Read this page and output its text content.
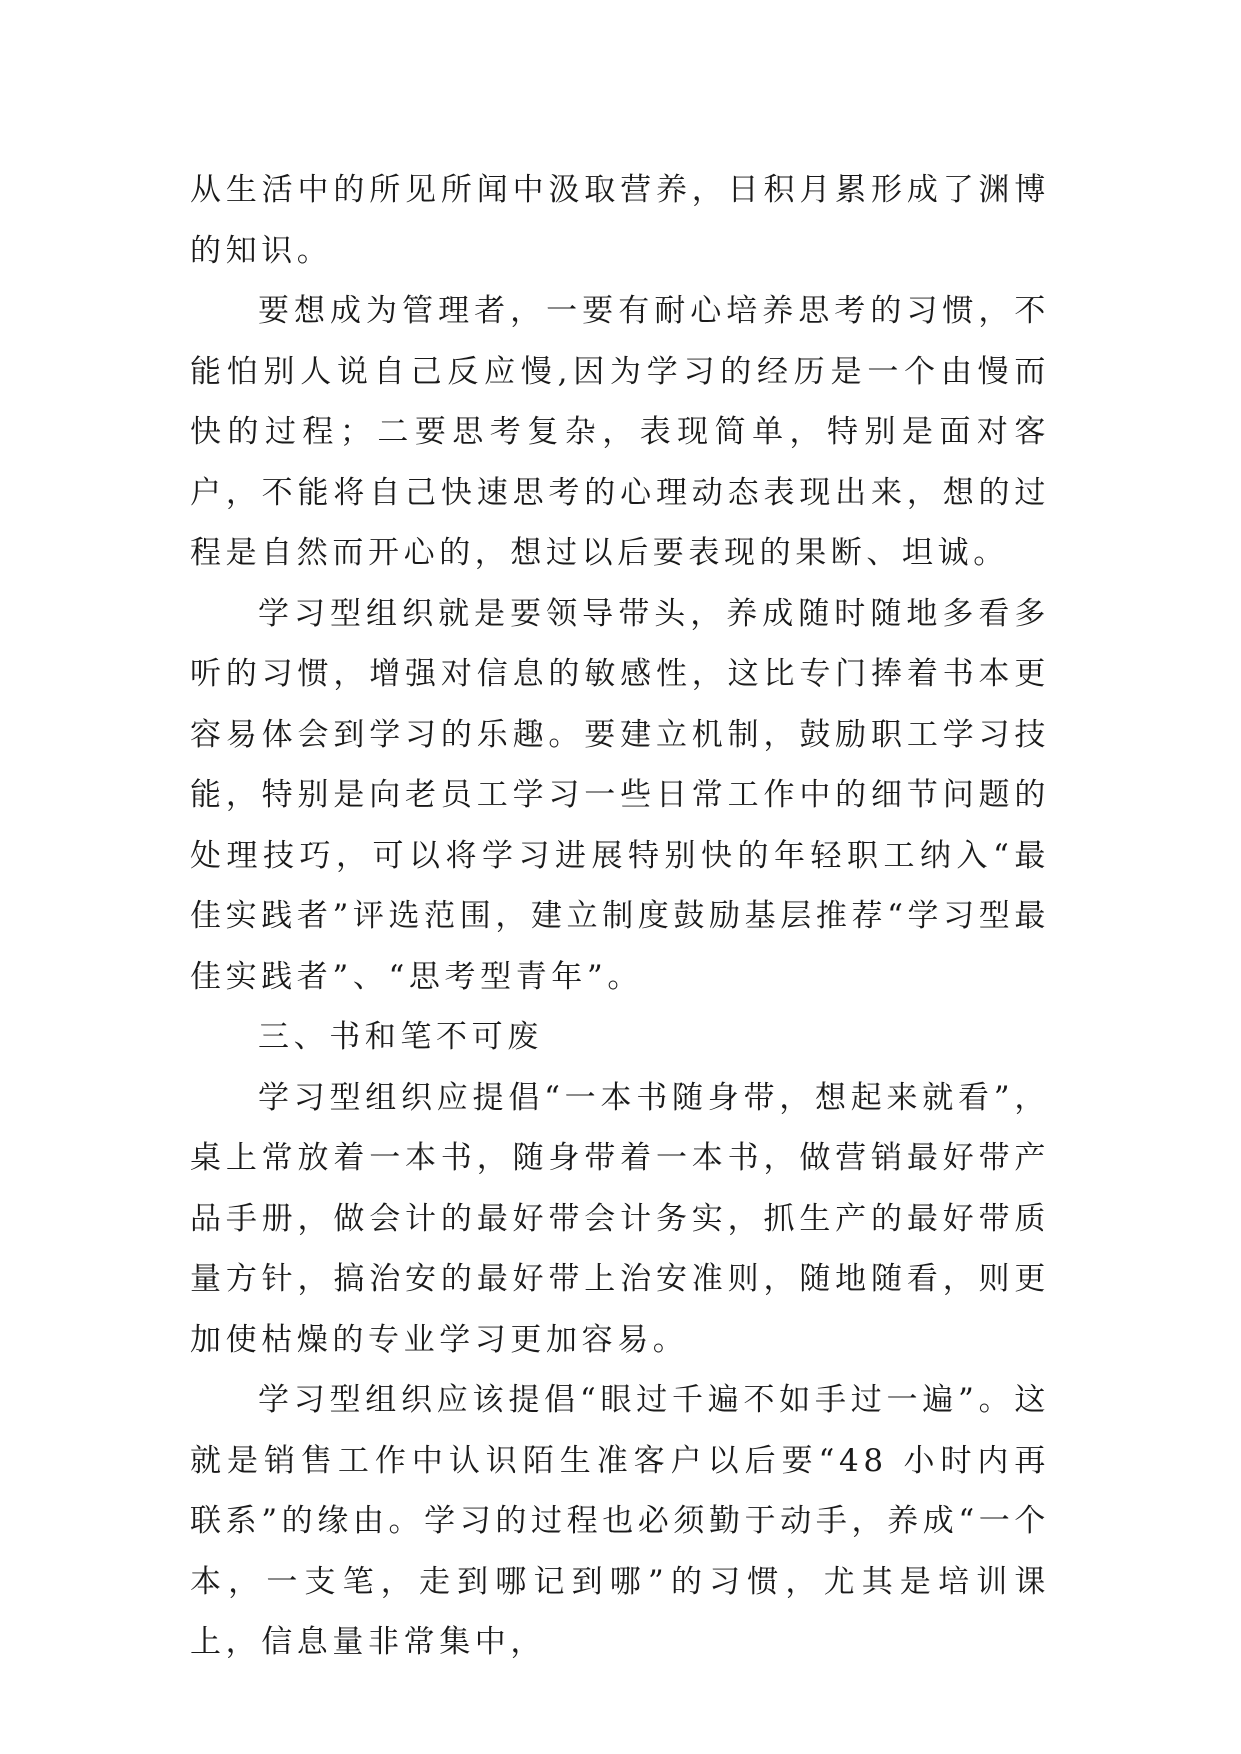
从生活中的所见所闻中汲取营养，日积月累形成了渊博的知识。

要想成为管理者，一要有耐心培养思考的习惯，不能怕别人说自己反应慢,因为学习的经历是一个由慢而快的过程；二要思考复杂，表现简单，特别是面对客户，不能将自己快速思考的心理动态表现出来，想的过程是自然而开心的，想过以后要表现的果断、坦诚。

学习型组织就是要领导带头，养成随时随地多看多听的习惯，增强对信息的敏感性，这比专门捧着书本更容易体会到学习的乐趣。要建立机制，鼓励职工学习技能，特别是向老员工学习一些日常工作中的细节问题的处理技巧，可以将学习进展特别快的年轻职工纳入“最佳实践者”评选范围，建立制度鼓励基层推荐“学习型最佳实践者”、“思考型青年”。

三、书和笔不可废

学习型组织应提倡“一本书随身带，想起来就看”，桌上常放着一本书，随身带着一本书，做营销最好带产品手册，做会计的最好带会计务实，抓生产的最好带质量方针，搞治安的最好带上治安准则，随地随看，则更加使枯燥的专业学习更加容易。

学习型组织应该提倡“眼过千遍不如手过一遍”。这就是销售工作中认识陌生准客户以后要“48 小时内再联系”的缘由。学习的过程也必须勤于动手，养成“一个本，一支笔，走到哪记到哪”的习惯，尤其是培训课上，信息量非常集中，
